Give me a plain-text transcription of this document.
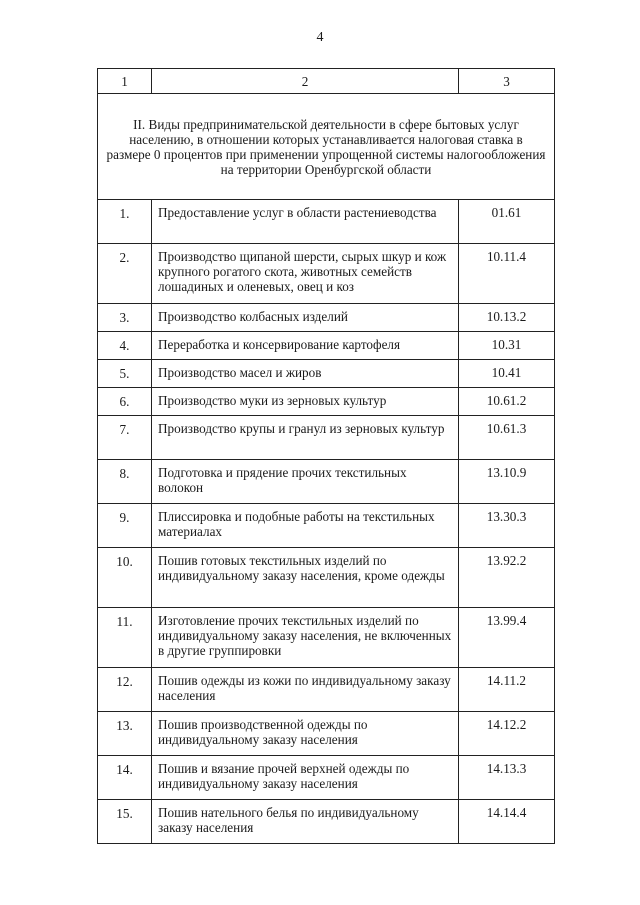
4
1	2	3
II. Виды предпринимательской деятельности в сфере бытовых услуг населению, в отношении которых устанавливается налоговая ставка в размере 0 процентов при применении упрощенной системы налогообложения на территории Оренбургской области		
1.	Предоставление услуг в области растениеводства	01.61
2.	Производство щипаной шерсти, сырых шкур и кож крупного рогатого скота, животных семейств лошадиных и оленевых, овец и коз	10.11.4
3.	Производство колбасных изделий	10.13.2
4.	Переработка и консервирование картофеля	10.31
5.	Производство масел и жиров	10.41
6.	Производство муки из зерновых культур	10.61.2
7.	Производство крупы и гранул из зерновых культур	10.61.3
8.	Подготовка и прядение прочих текстильных волокон	13.10.9
9.	Плиссировка и подобные работы на текстильных материалах	13.30.3
10.	Пошив готовых текстильных изделий по индивидуальному заказу населения, кроме одежды	13.92.2
11.	Изготовление прочих текстильных изделий по индивидуальному заказу населения, не включенных в другие группировки	13.99.4
12.	Пошив одежды из кожи по индивидуальному заказу населения	14.11.2
13.	Пошив производственной одежды по индивидуальному заказу населения	14.12.2
14.	Пошив и вязание прочей верхней одежды по индивидуальному заказу населения	14.13.3
15.	Пошив нательного белья по индивидуальному заказу населения	14.14.4
